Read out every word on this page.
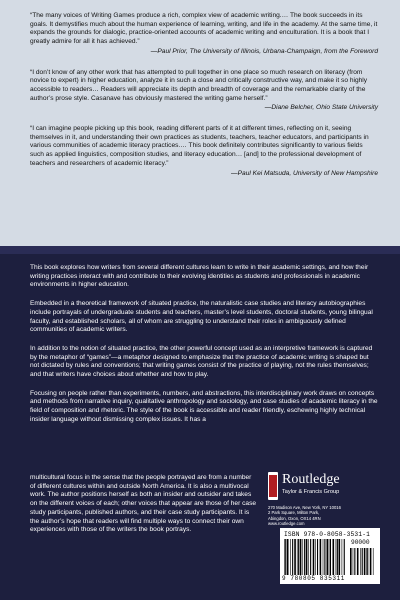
“The many voices of Writing Games produce a rich, complex view of academic writing.… The book succeeds in its goals. It demystifies much about the human experience of learning, writing, and life in the academy. At the same time, it expands the grounds for dialogic, practice-oriented accounts of academic writing and enculturation. It is a book that I greatly admire for all it has achieved.”

—Paul Prior, The University of Illinois, Urbana-Champaign, from the Foreword

“I don’t know of any other work that has attempted to pull together in one place so much research on literacy (from novice to expert) in higher education, analyze it in such a close and critically constructive way, and make it so highly accessible to readers… Readers will appreciate its depth and breadth of coverage and the remarkable clarity of the author’s prose style. Casanave has obviously mastered the writing game herself.”

—Diane Belcher, Ohio State University

“I can imagine people picking up this book, reading different parts of it at different times, reflecting on it, seeing themselves in it, and understanding their own practices as students, teachers, teacher educators, and participants in various communities of academic literacy practices.… This book definitely contributes significantly to various fields such as applied linguistics, composition studies, and literacy education… [and] to the professional development of teachers and researchers of academic literacy.”

—Paul Kei Matsuda, University of New Hampshire

This book explores how writers from several different cultures learn to write in their academic settings, and how their writing practices interact with and contribute to their evolving identities as students and professionals in academic environments in higher education.

Embedded in a theoretical framework of situated practice, the naturalistic case studies and literacy autobiographies include portrayals of undergraduate students and teachers, master’s level students, doctoral students, young bilingual faculty, and established scholars, all of whom are struggling to understand their roles in ambiguously defined communities of academic writers.

In addition to the notion of situated practice, the other powerful concept used as an interpretive framework is captured by the metaphor of “games”—a metaphor designed to emphasize that the practice of academic writing is shaped but not dictated by rules and conventions; that writing games consist of the practice of playing, not the rules themselves; and that writers have choices about whether and how to play.

Focusing on people rather than experiments, numbers, and abstractions, this interdisciplinary work draws on concepts and methods from narrative inquiry, qualitative anthropology and sociology, and case studies of academic literacy in the field of composition and rhetoric. The style of the book is accessible and reader friendly, eschewing highly technical insider language without dismissing complex issues. It has a

multicultural focus in the sense that the people portrayed are from a number of different cultures within and outside North America. It is also a multivocal work. The author positions herself as both an insider and outsider and takes on the different voices of each; other voices that appear are those of her case study participants, published authors, and their case study participants. It is the author’s hope that readers will find multiple ways to connect their own experiences with those of the writers the book portrays.

Routledge
Taylor & Francis Group
270 Madison Ave, New York, NY 10016
2 Park Square, Milton Park,
Abingdon, Oxon, OX14 4RN
www.routledge.com
ISBN 978-0-8058-3531-1
90000
9 780805 835311
